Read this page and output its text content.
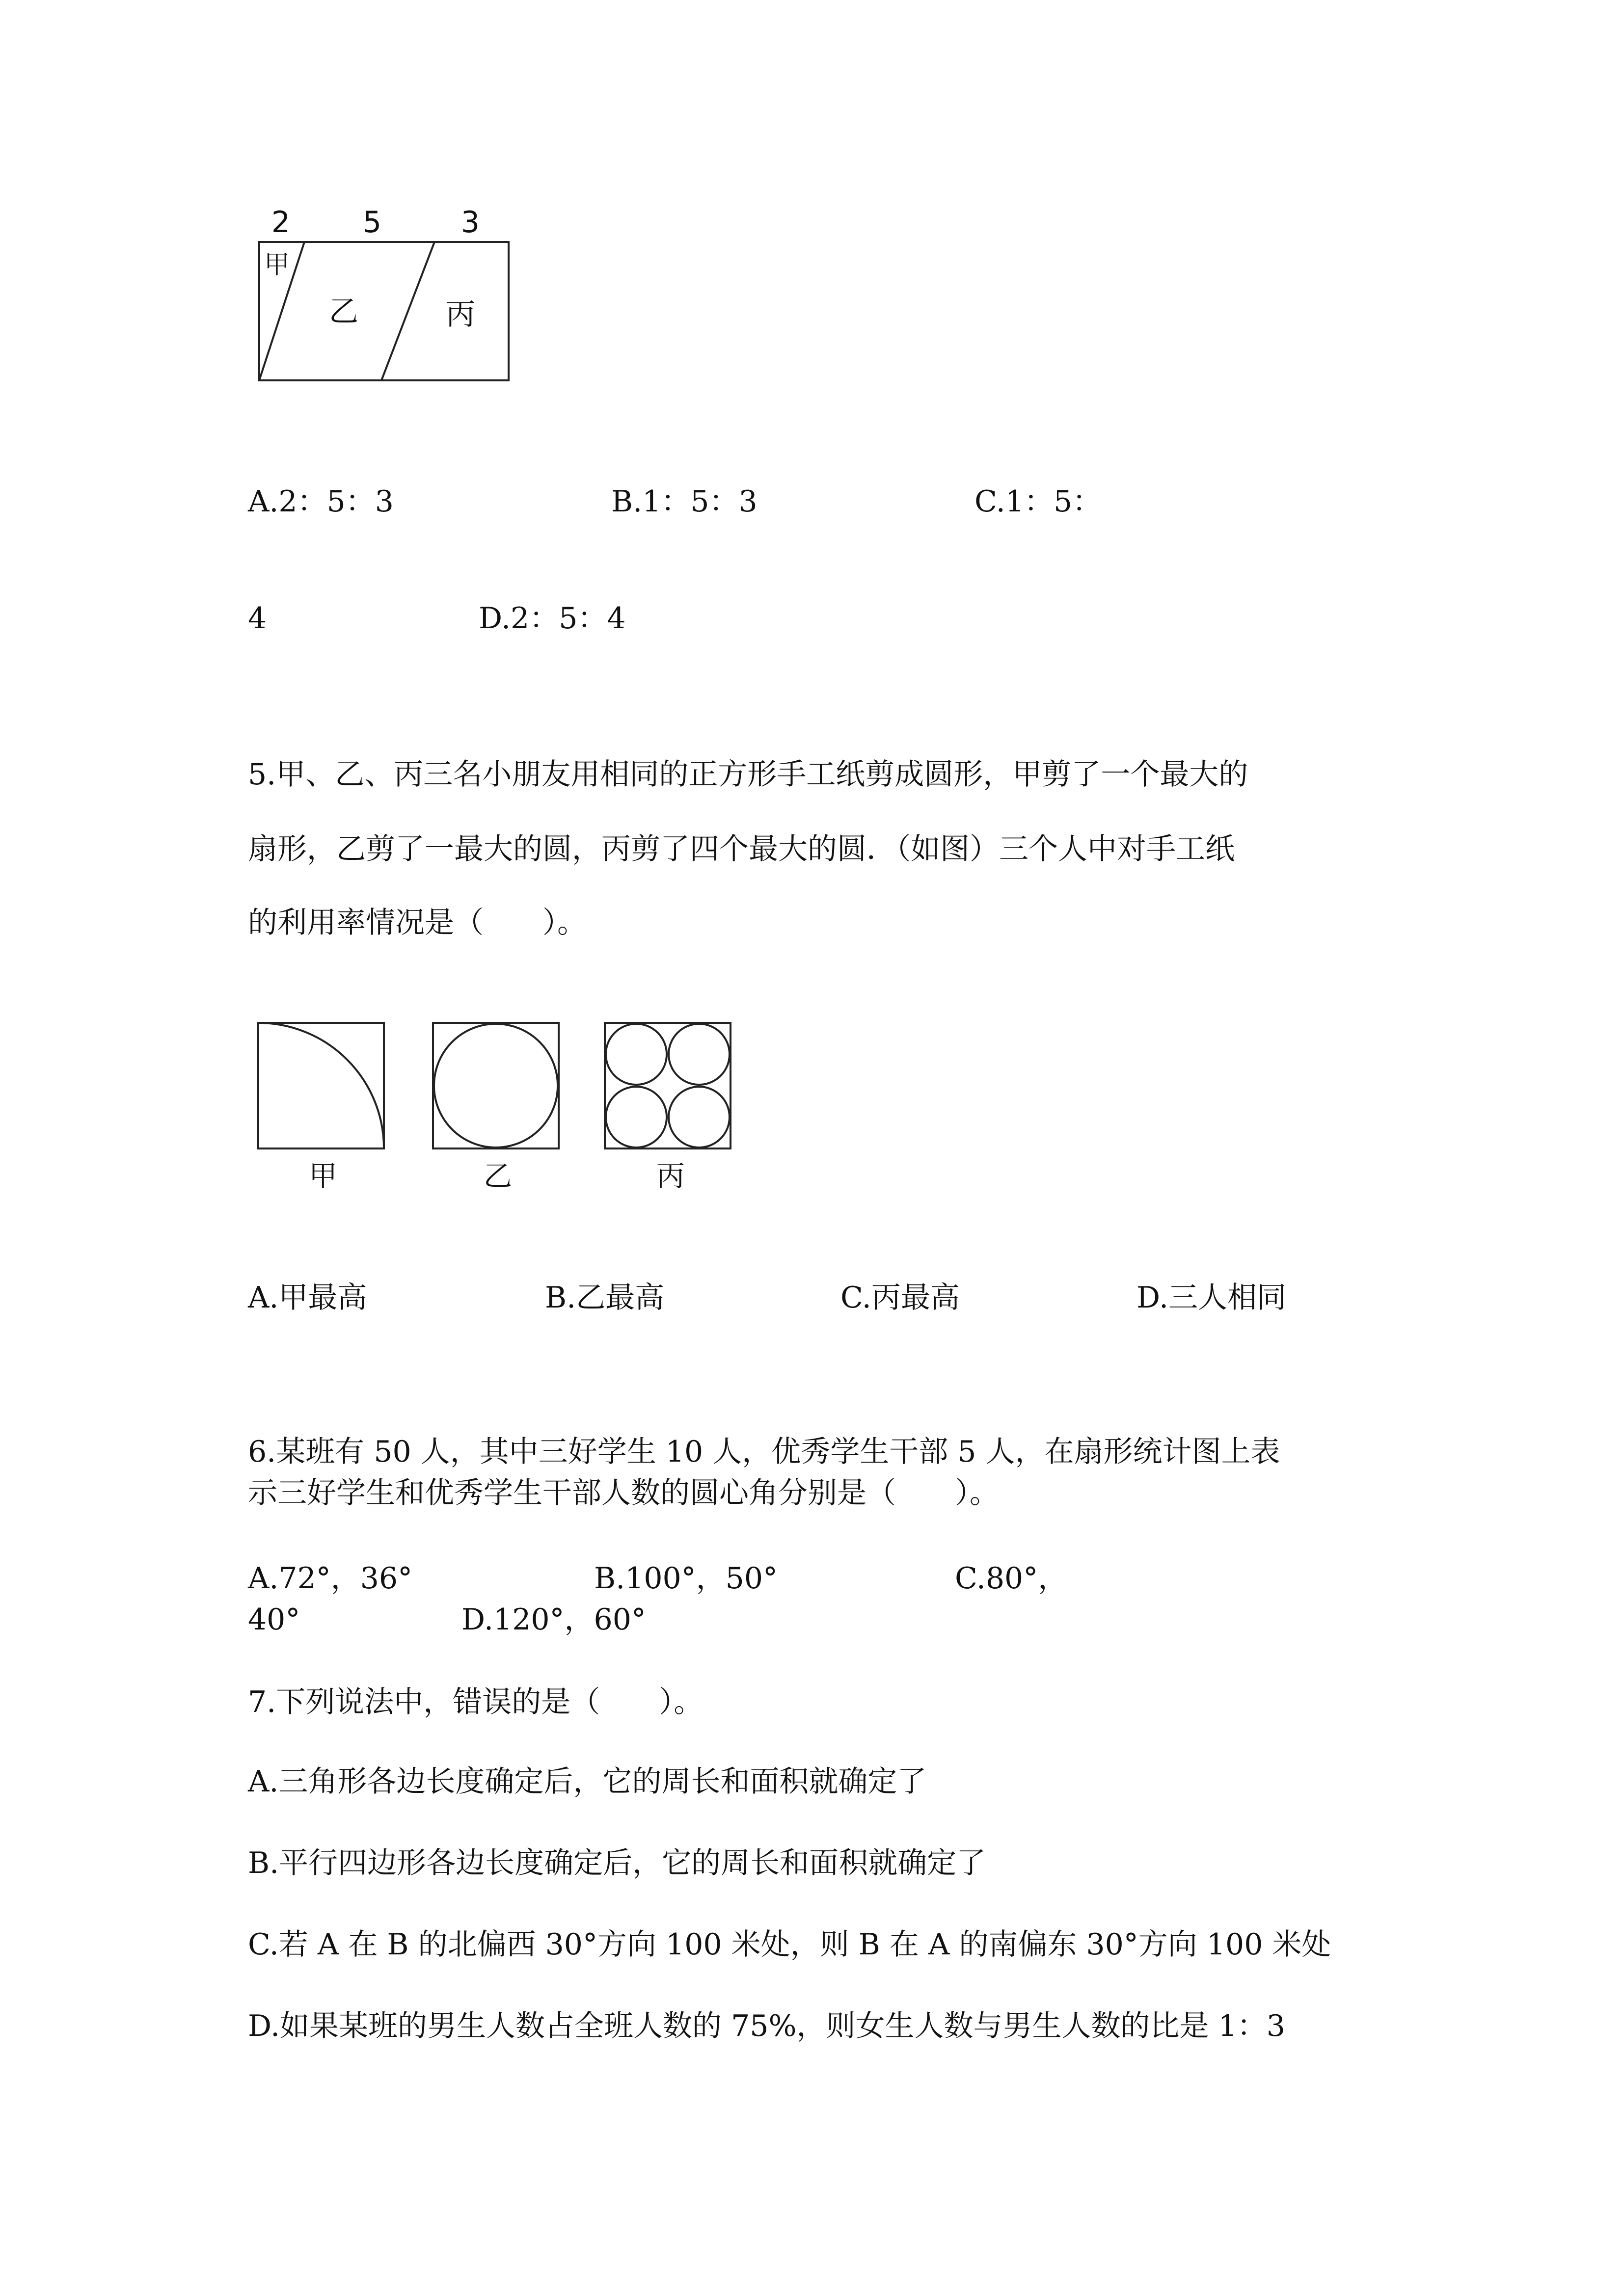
2 5	3
甲
乙	丙
A.2：5：3	B.1：5：3	C.1：5：
4	D.2：5：4
5.甲、乙、丙三名小朋友用相同的正方形手工纸剪成圆形，甲剪了一个最大的
扇形，乙剪了一最大的圆，丙剪了四个最大的圆．（如图）三个人中对手工纸
的利用率情况是（　　）。
甲	乙	丙
A.甲最高	B.乙最高	C.丙最高	D.三人相同
6.某班有 50 人，其中三好学生 10 人，优秀学生干部 5 人，在扇形统计图上表
示三好学生和优秀学生干部人数的圆心角分别是（　　）。
A.72°，36°	B.100°，50°	C.80°，
40°	D.120°，60°
7.下列说法中，错误的是（　　）。
A.三角形各边长度确定后，它的周长和面积就确定了
B.平行四边形各边长度确定后，它的周长和面积就确定了
C.若 A 在 B 的北偏西 30°方向 100 米处，则 B 在 A 的南偏东 30°方向 100 米处
D.如果某班的男生人数占全班人数的 75%，则女生人数与男生人数的比是 1：3
